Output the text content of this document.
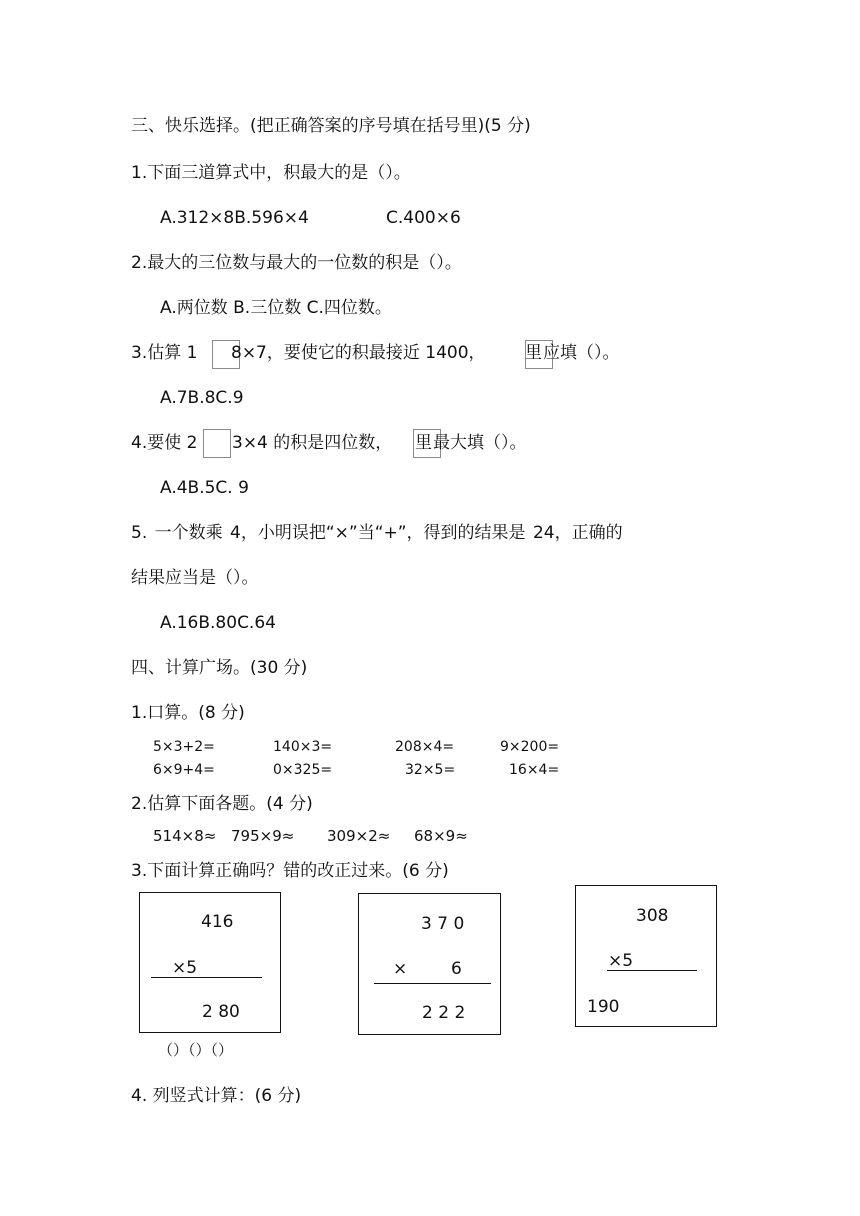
三、快乐选择。(把正确答案的序号填在括号里)(5 分)
1.下面三道算式中，积最大的是（）。
A.312×8B.596×4	C.400×6
2.最大的三位数与最大的一位数的积是（）。
A.两位数 B.三位数 C.四位数。
3.估算 1 8×7，要使它的积最接近 1400， 里 应填（）。
A.7B.8C.9
4.要使 2 3×4 的积是四位数， 里 最大填（）。
A.4B.5C. 9
5. 一个数乘 4，小明误把“×”当“+”，得到的结果是 24，正确的
结果应当是（）。
A.16B.80C.64
四、计算广场。(30 分)
1.口算。(8 分)
5×3+2=	140×3=	208×4=	9×200=
6×9+4=	0×325=	32×5=	16×4=
2.估算下面各题。(4 分)
514×8≈ 795×9≈ 309×2≈ 68×9≈
3.下面计算正确吗？错的改正过来。(6 分)
416
×5
2 80
3 7 0
×	6
2 2 2
308
×5
190
（）（）（）
4. 列竖式计算：(6 分)
